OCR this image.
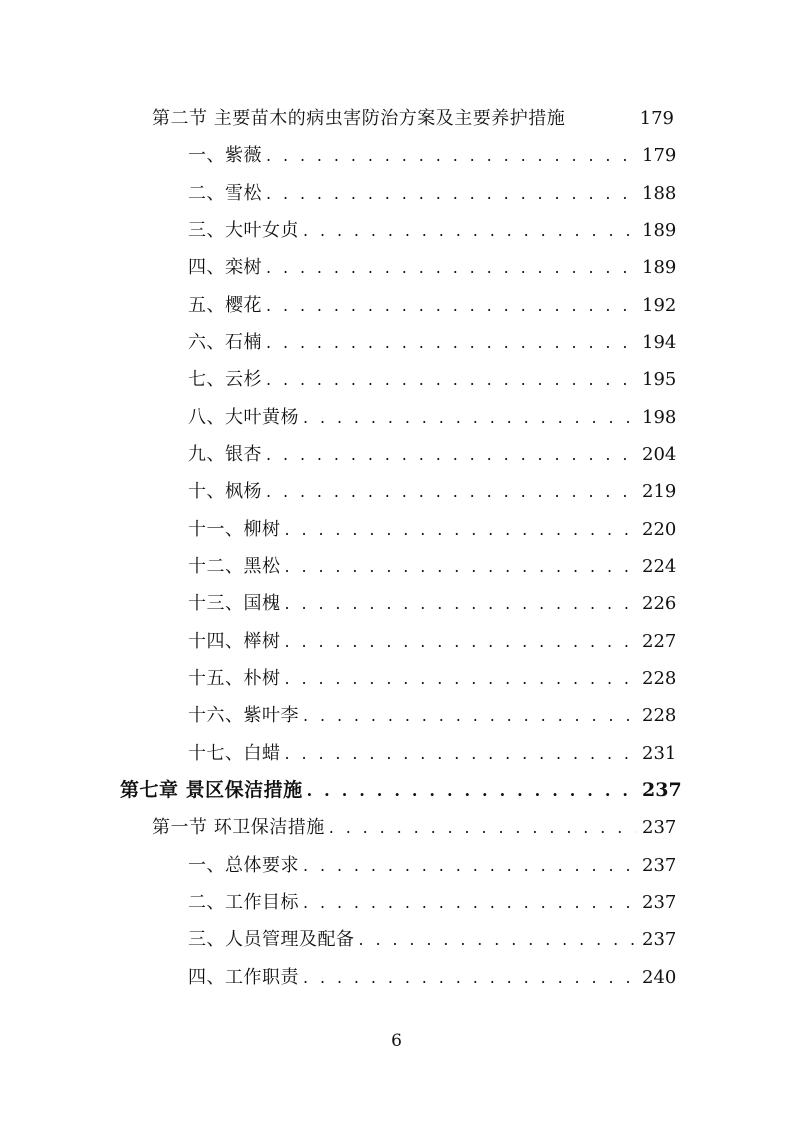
第二节 主要苗木的病虫害防治方案及主要养护措施	179
一、紫薇 . . .	179
二、雪松 . . .	188
三、大叶女贞 . . .	189
四、栾树 . . .	189
五、樱花 . . .	192
六、石楠 . . .	194
七、云杉 . . .	195
八、大叶黄杨 . . .	198
九、银杏 . . .	204
十、枫杨 . . .	219
十一、柳树 . . .	220
十二、黑松 . . .	224
十三、国槐 . . .	226
十四、榉树 . . .	227
十五、朴树 . . .	228
十六、紫叶李 . . .	228
十七、白蜡 . . .	231
第七章 景区保洁措施 . . .	237
第一节 环卫保洁措施 . . .	237
一、总体要求 . . .	237
二、工作目标 . . .	237
三、人员管理及配备 . . .	237
四、工作职责 . . .	240
6
